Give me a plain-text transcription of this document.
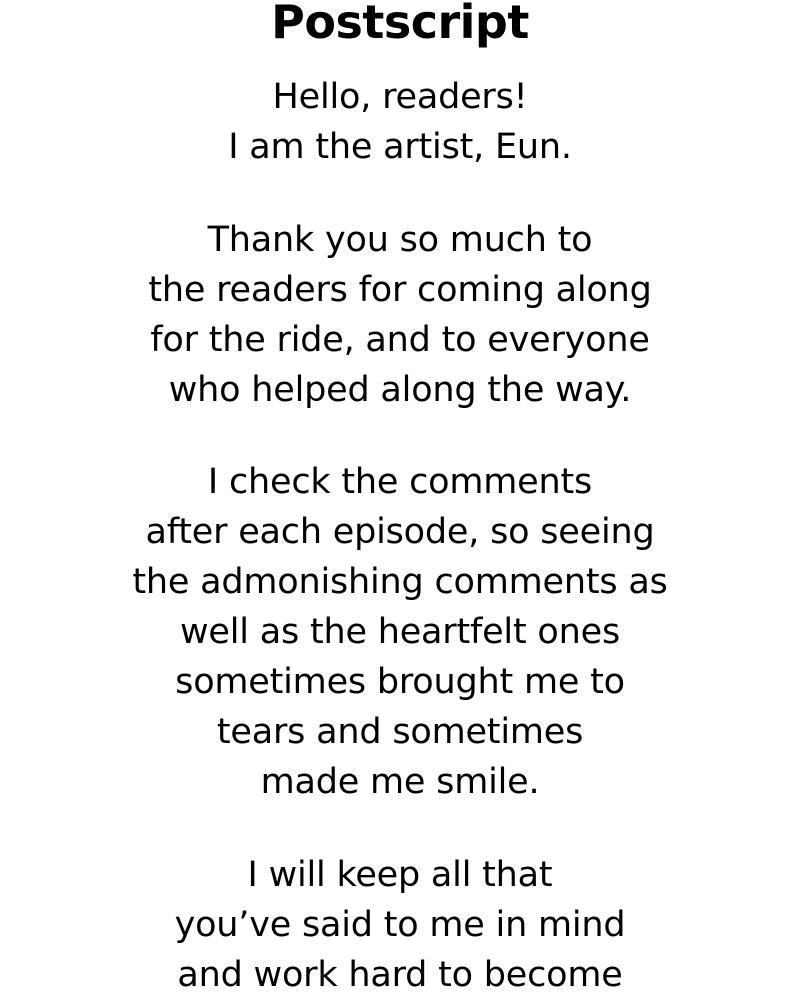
Postscript
Hello, readers!
I am the artist, Eun.
Thank you so much to
the readers for coming along
for the ride, and to everyone
who helped along the way.
I check the comments
after each episode, so seeing
the admonishing comments as
well as the heartfelt ones
sometimes brought me to
tears and sometimes
made me smile.
I will keep all that
you’ve said to me in mind
and work hard to become
